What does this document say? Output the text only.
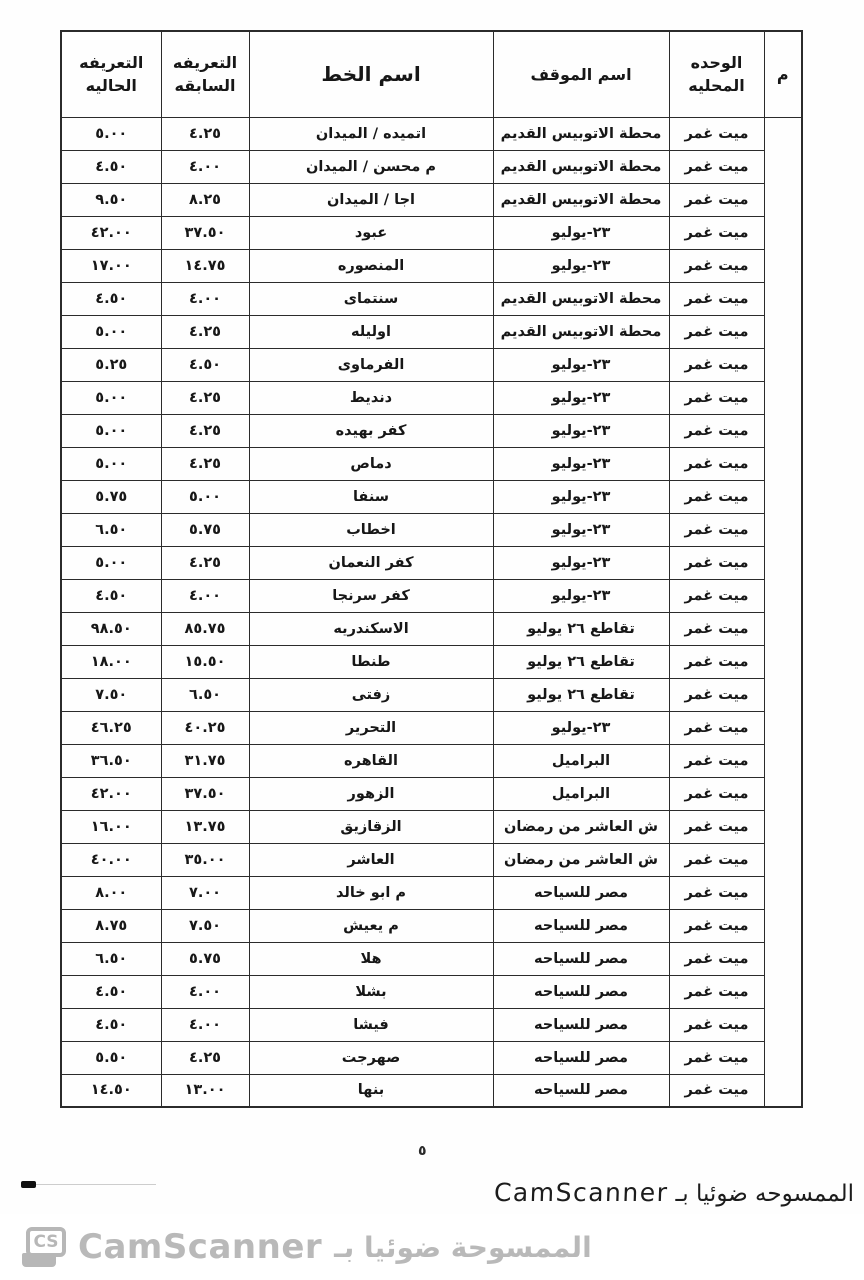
م	الوحده المحليه	اسم الموقف	اسم الخط	التعريفه السابقه	التعريفه الحاليه
	ميت غمر	محطة الاتوبيس القديم	اتميده / الميدان	٤.٢٥	٥.٠٠
	ميت غمر	محطة الاتوبيس القديم	م محسن / الميدان	٤.٠٠	٤.٥٠
	ميت غمر	محطة الاتوبيس القديم	اجا / الميدان	٨.٢٥	٩.٥٠
	ميت غمر	٢٣-يوليو	عبود	٣٧.٥٠	٤٢.٠٠
	ميت غمر	٢٣-يوليو	المنصوره	١٤.٧٥	١٧.٠٠
	ميت غمر	محطة الاتوبيس القديم	سنتماى	٤.٠٠	٤.٥٠
	ميت غمر	محطة الاتوبيس القديم	اوليله	٤.٢٥	٥.٠٠
	ميت غمر	٢٣-يوليو	الفرماوى	٤.٥٠	٥.٢٥
	ميت غمر	٢٣-يوليو	دنديط	٤.٢٥	٥.٠٠
	ميت غمر	٢٣-يوليو	كفر بهيده	٤.٢٥	٥.٠٠
	ميت غمر	٢٣-يوليو	دماص	٤.٢٥	٥.٠٠
	ميت غمر	٢٣-يوليو	سنفا	٥.٠٠	٥.٧٥
	ميت غمر	٢٣-يوليو	اخطاب	٥.٧٥	٦.٥٠
	ميت غمر	٢٣-يوليو	كفر النعمان	٤.٢٥	٥.٠٠
	ميت غمر	٢٣-يوليو	كفر سرنجا	٤.٠٠	٤.٥٠
	ميت غمر	تقاطع ٢٦ يوليو	الاسكندريه	٨٥.٧٥	٩٨.٥٠
	ميت غمر	تقاطع ٢٦ يوليو	طنطا	١٥.٥٠	١٨.٠٠
	ميت غمر	تقاطع ٢٦ يوليو	زفتى	٦.٥٠	٧.٥٠
	ميت غمر	٢٣-يوليو	التحرير	٤٠.٢٥	٤٦.٢٥
	ميت غمر	البراميل	القاهره	٣١.٧٥	٣٦.٥٠
	ميت غمر	البراميل	الزهور	٣٧.٥٠	٤٢.٠٠
	ميت غمر	ش العاشر من رمضان	الزقازيق	١٣.٧٥	١٦.٠٠
	ميت غمر	ش العاشر من رمضان	العاشر	٣٥.٠٠	٤٠.٠٠
	ميت غمر	مصر للسياحه	م ابو خالد	٧.٠٠	٨.٠٠
	ميت غمر	مصر للسياحه	م يعيش	٧.٥٠	٨.٧٥
	ميت غمر	مصر للسياحه	هلا	٥.٧٥	٦.٥٠
	ميت غمر	مصر للسياحه	بشلا	٤.٠٠	٤.٥٠
	ميت غمر	مصر للسياحه	فيشا	٤.٠٠	٤.٥٠
	ميت غمر	مصر للسياحه	صهرجت	٤.٢٥	٥.٥٠
	ميت غمر	مصر للسياحه	بنها	١٣.٠٠	١٤.٥٠
٥
الممسوحه ضوئيا بـ CamScanner
CS CamScanner الممسوحة ضوئيا بـ
